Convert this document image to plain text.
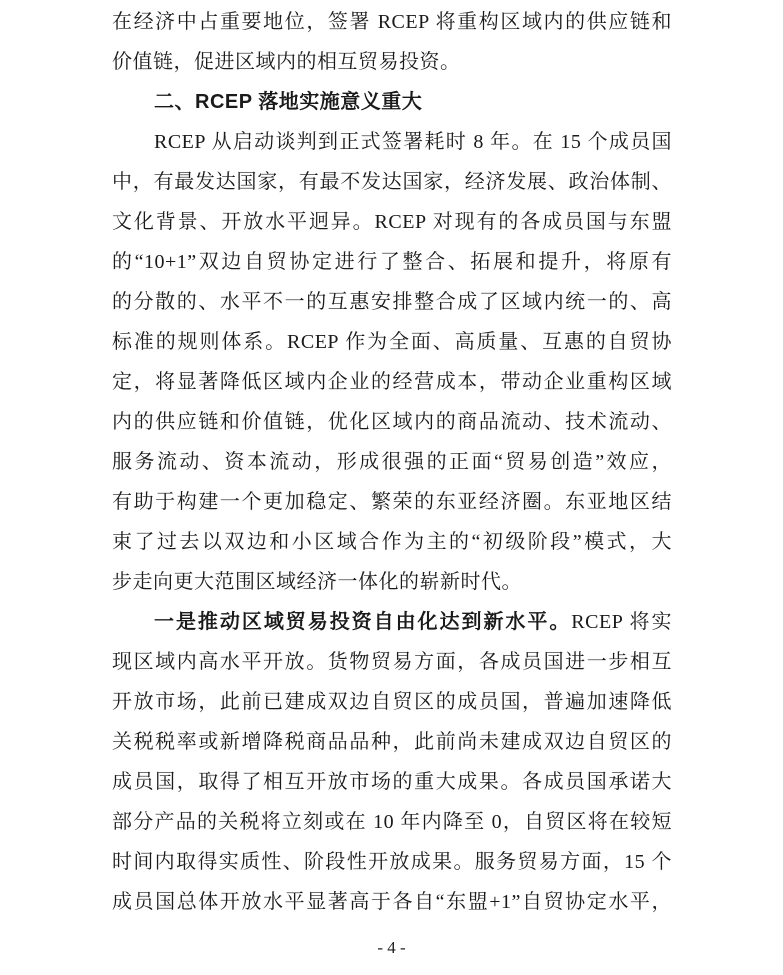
在经济中占重要地位，签署 RCEP 将重构区域内的供应链和
价值链，促进区域内的相互贸易投资。
二、RCEP 落地实施意义重大
RCEP 从启动谈判到正式签署耗时 8 年。在 15 个成员国
中，有最发达国家，有最不发达国家，经济发展、政治体制、
文化背景、开放水平迥异。RCEP 对现有的各成员国与东盟
的“10+1”双边自贸协定进行了整合、拓展和提升，将原有
的分散的、水平不一的互惠安排整合成了区域内统一的、高
标准的规则体系。RCEP 作为全面、高质量、互惠的自贸协
定，将显著降低区域内企业的经营成本，带动企业重构区域
内的供应链和价值链，优化区域内的商品流动、技术流动、
服务流动、资本流动，形成很强的正面“贸易创造”效应，
有助于构建一个更加稳定、繁荣的东亚经济圈。东亚地区结
束了过去以双边和小区域合作为主的“初级阶段”模式，大
步走向更大范围区域经济一体化的崭新时代。
一是推动区域贸易投资自由化达到新水平。RCEP 将实
现区域内高水平开放。货物贸易方面，各成员国进一步相互
开放市场，此前已建成双边自贸区的成员国，普遍加速降低
关税税率或新增降税商品品种，此前尚未建成双边自贸区的
成员国，取得了相互开放市场的重大成果。各成员国承诺大
部分产品的关税将立刻或在 10 年内降至 0，自贸区将在较短
时间内取得实质性、阶段性开放成果。服务贸易方面，15 个
成员国总体开放水平显著高于各自“东盟+1”自贸协定水平，
- 4 -
